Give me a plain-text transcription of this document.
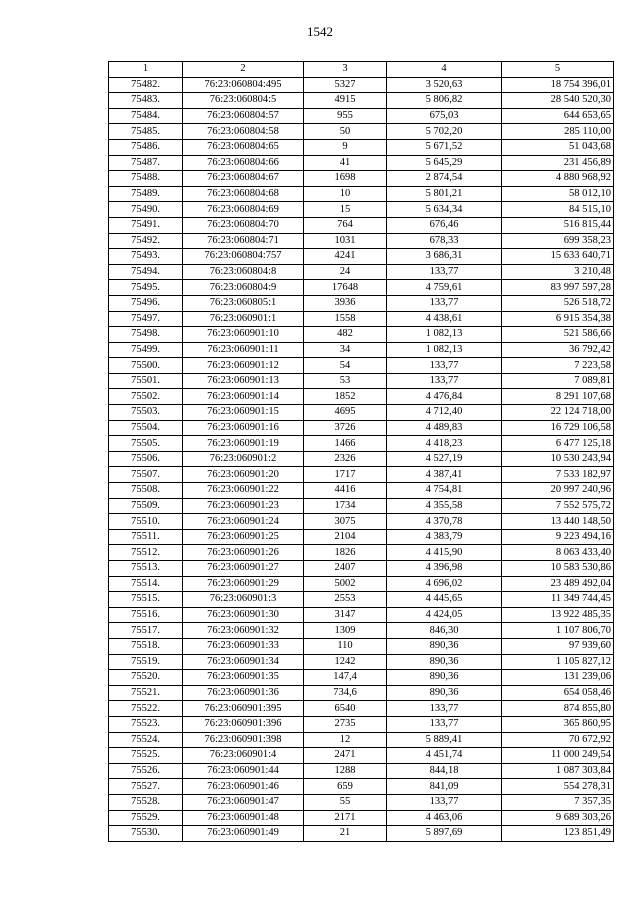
1542
1	2	3	4	5
75482.	76:23:060804:495	5327	3 520,63	18 754 396,01
75483.	76:23:060804:5	4915	5 806,82	28 540 520,30
75484.	76:23:060804:57	955	675,03	644 653,65
75485.	76:23:060804:58	50	5 702,20	285 110,00
75486.	76:23:060804:65	9	5 671,52	51 043,68
75487.	76:23:060804:66	41	5 645,29	231 456,89
75488.	76:23:060804:67	1698	2 874,54	4 880 968,92
75489.	76:23:060804:68	10	5 801,21	58 012,10
75490.	76:23:060804:69	15	5 634,34	84 515,10
75491.	76:23:060804:70	764	676,46	516 815,44
75492.	76:23:060804:71	1031	678,33	699 358,23
75493.	76:23:060804:757	4241	3 686,31	15 633 640,71
75494.	76:23:060804:8	24	133,77	3 210,48
75495.	76:23:060804:9	17648	4 759,61	83 997 597,28
75496.	76:23:060805:1	3936	133,77	526 518,72
75497.	76:23:060901:1	1558	4 438,61	6 915 354,38
75498.	76:23:060901:10	482	1 082,13	521 586,66
75499.	76:23:060901:11	34	1 082,13	36 792,42
75500.	76:23:060901:12	54	133,77	7 223,58
75501.	76:23:060901:13	53	133,77	7 089,81
75502.	76:23:060901:14	1852	4 476,84	8 291 107,68
75503.	76:23:060901:15	4695	4 712,40	22 124 718,00
75504.	76:23:060901:16	3726	4 489,83	16 729 106,58
75505.	76:23:060901:19	1466	4 418,23	6 477 125,18
75506.	76:23:060901:2	2326	4 527,19	10 530 243,94
75507.	76:23:060901:20	1717	4 387,41	7 533 182,97
75508.	76:23:060901:22	4416	4 754,81	20 997 240,96
75509.	76:23:060901:23	1734	4 355,58	7 552 575,72
75510.	76:23:060901:24	3075	4 370,78	13 440 148,50
75511.	76:23:060901:25	2104	4 383,79	9 223 494,16
75512.	76:23:060901:26	1826	4 415,90	8 063 433,40
75513.	76:23:060901:27	2407	4 396,98	10 583 530,86
75514.	76:23:060901:29	5002	4 696,02	23 489 492,04
75515.	76:23:060901:3	2553	4 445,65	11 349 744,45
75516.	76:23:060901:30	3147	4 424,05	13 922 485,35
75517.	76:23:060901:32	1309	846,30	1 107 806,70
75518.	76:23:060901:33	110	890,36	97 939,60
75519.	76:23:060901:34	1242	890,36	1 105 827,12
75520.	76:23:060901:35	147,4	890,36	131 239,06
75521.	76:23:060901:36	734,6	890,36	654 058,46
75522.	76:23:060901:395	6540	133,77	874 855,80
75523.	76:23:060901:396	2735	133,77	365 860,95
75524.	76:23:060901:398	12	5 889,41	70 672,92
75525.	76:23:060901:4	2471	4 451,74	11 000 249,54
75526.	76:23:060901:44	1288	844,18	1 087 303,84
75527.	76:23:060901:46	659	841,09	554 278,31
75528.	76:23:060901:47	55	133,77	7 357,35
75529.	76:23:060901:48	2171	4 463,06	9 689 303,26
75530.	76:23:060901:49	21	5 897,69	123 851,49
